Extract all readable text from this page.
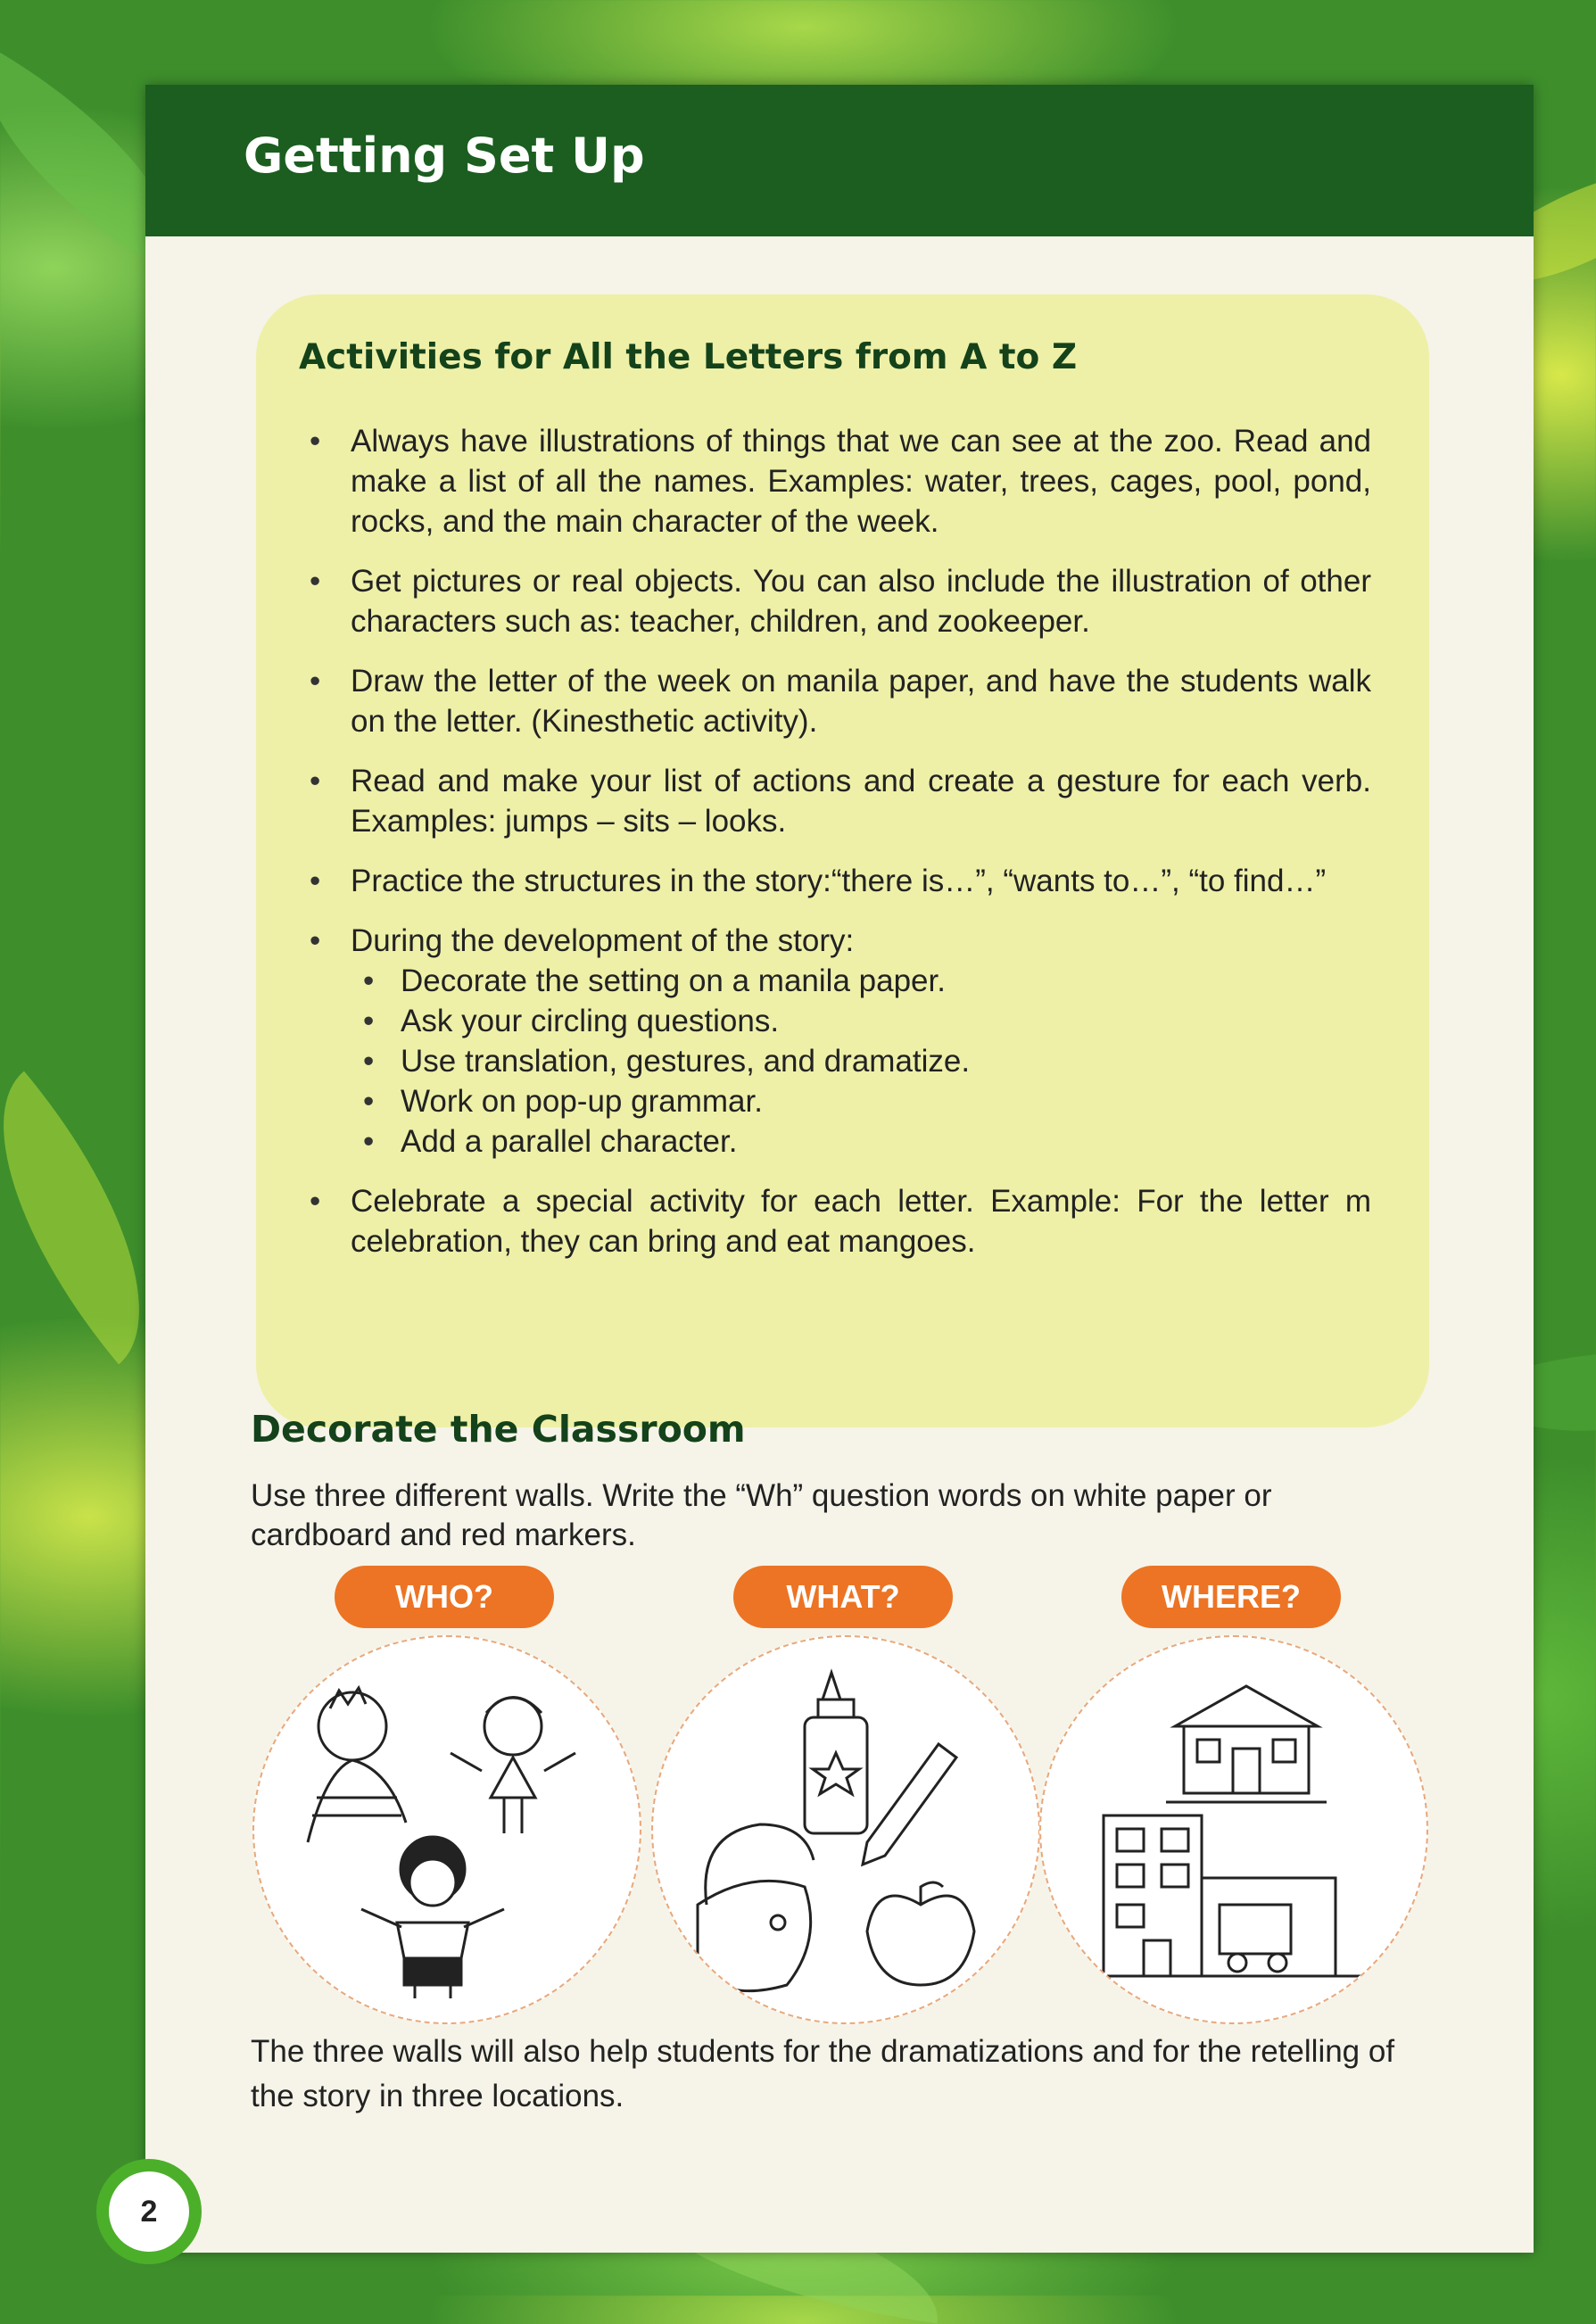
Getting Set Up
Activities for All the Letters from A to Z
• Always have illustrations of things that we can see at the zoo. Read and make a list of all the names. Examples: water, trees, cages, pool, pond, rocks, and the main character of the week.
• Get pictures or real objects. You can also include the illustration of other characters such as: teacher, children, and zookeeper.
• Draw the letter of the week on manila paper, and have the students walk on the letter. (Kinesthetic activity).
• Read and make your list of actions and create a gesture for each verb. Examples: jumps – sits – looks.
• Practice the structures in the story:“there is…”, “wants to…”, “to find…”
• During the development of the story:
• Decorate the setting on a manila paper.
• Ask your circling questions.
• Use translation, gestures, and dramatize.
• Work on pop-up grammar.
• Add a parallel character.
• Celebrate a special activity for each letter. Example: For the letter m celebration, they can bring and eat mangoes.
Decorate the Classroom

Use three different walls. Write the “Wh” question words on white paper or cardboard and red markers.

WHO?	WHAT?	WHERE?

The three walls will also help students for the dramatizations and for the retelling of the story in three locations.

2
